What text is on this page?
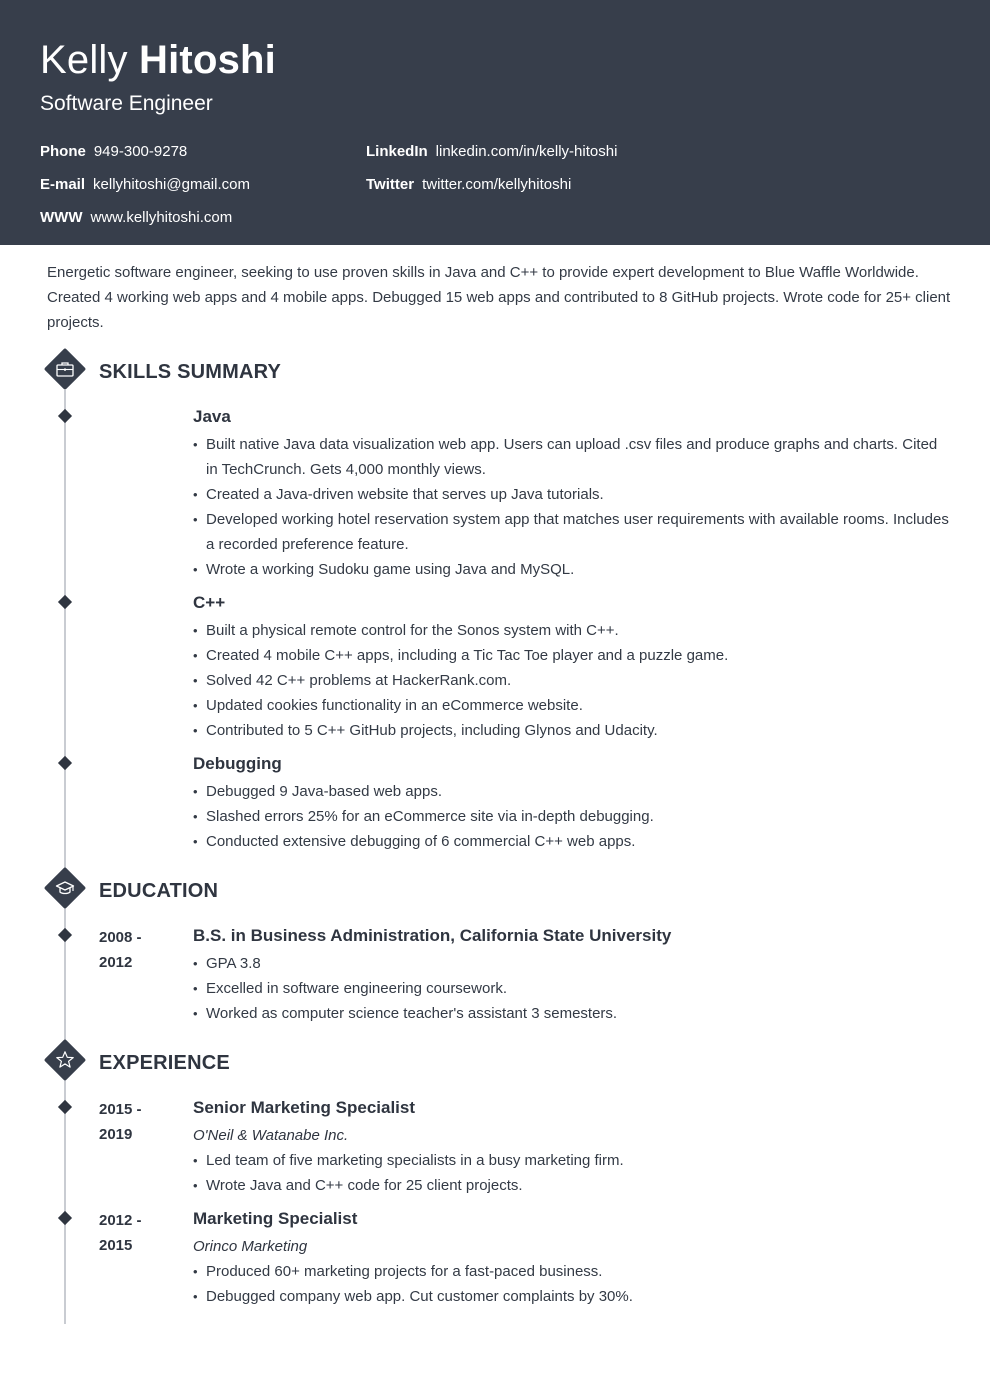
Kelly Hitoshi
Software Engineer
Phone 949-300-9278
E-mail kellyhitoshi@gmail.com
WWW www.kellyhitoshi.com
LinkedIn linkedin.com/in/kelly-hitoshi
Twitter twitter.com/kellyhitoshi
Energetic software engineer, seeking to use proven skills in Java and C++ to provide expert development to Blue Waffle Worldwide. Created 4 working web apps and 4 mobile apps. Debugged 15 web apps and contributed to 8 GitHub projects. Wrote code for 25+ client projects.
SKILLS SUMMARY
Java
• Built native Java data visualization web app. Users can upload .csv files and produce graphs and charts. Cited in TechCrunch. Gets 4,000 monthly views.
• Created a Java-driven website that serves up Java tutorials.
• Developed working hotel reservation system app that matches user requirements with available rooms. Includes a recorded preference feature.
• Wrote a working Sudoku game using Java and MySQL.
C++
• Built a physical remote control for the Sonos system with C++.
• Created 4 mobile C++ apps, including a Tic Tac Toe player and a puzzle game.
• Solved 42 C++ problems at HackerRank.com.
• Updated cookies functionality in an eCommerce website.
• Contributed to 5 C++ GitHub projects, including Glynos and Udacity.
Debugging
• Debugged 9 Java-based web apps.
• Slashed errors 25% for an eCommerce site via in-depth debugging.
• Conducted extensive debugging of 6 commercial C++ web apps.
EDUCATION
2008 -
2012
B.S. in Business Administration, California State University
• GPA 3.8
• Excelled in software engineering coursework.
• Worked as computer science teacher's assistant 3 semesters.
EXPERIENCE
2015 -
2019
Senior Marketing Specialist
O'Neil & Watanabe Inc.
• Led team of five marketing specialists in a busy marketing firm.
• Wrote Java and C++ code for 25 client projects.
2012 -
2015
Marketing Specialist
Orinco Marketing
• Produced 60+ marketing projects for a fast-paced business.
• Debugged company web app. Cut customer complaints by 30%.
